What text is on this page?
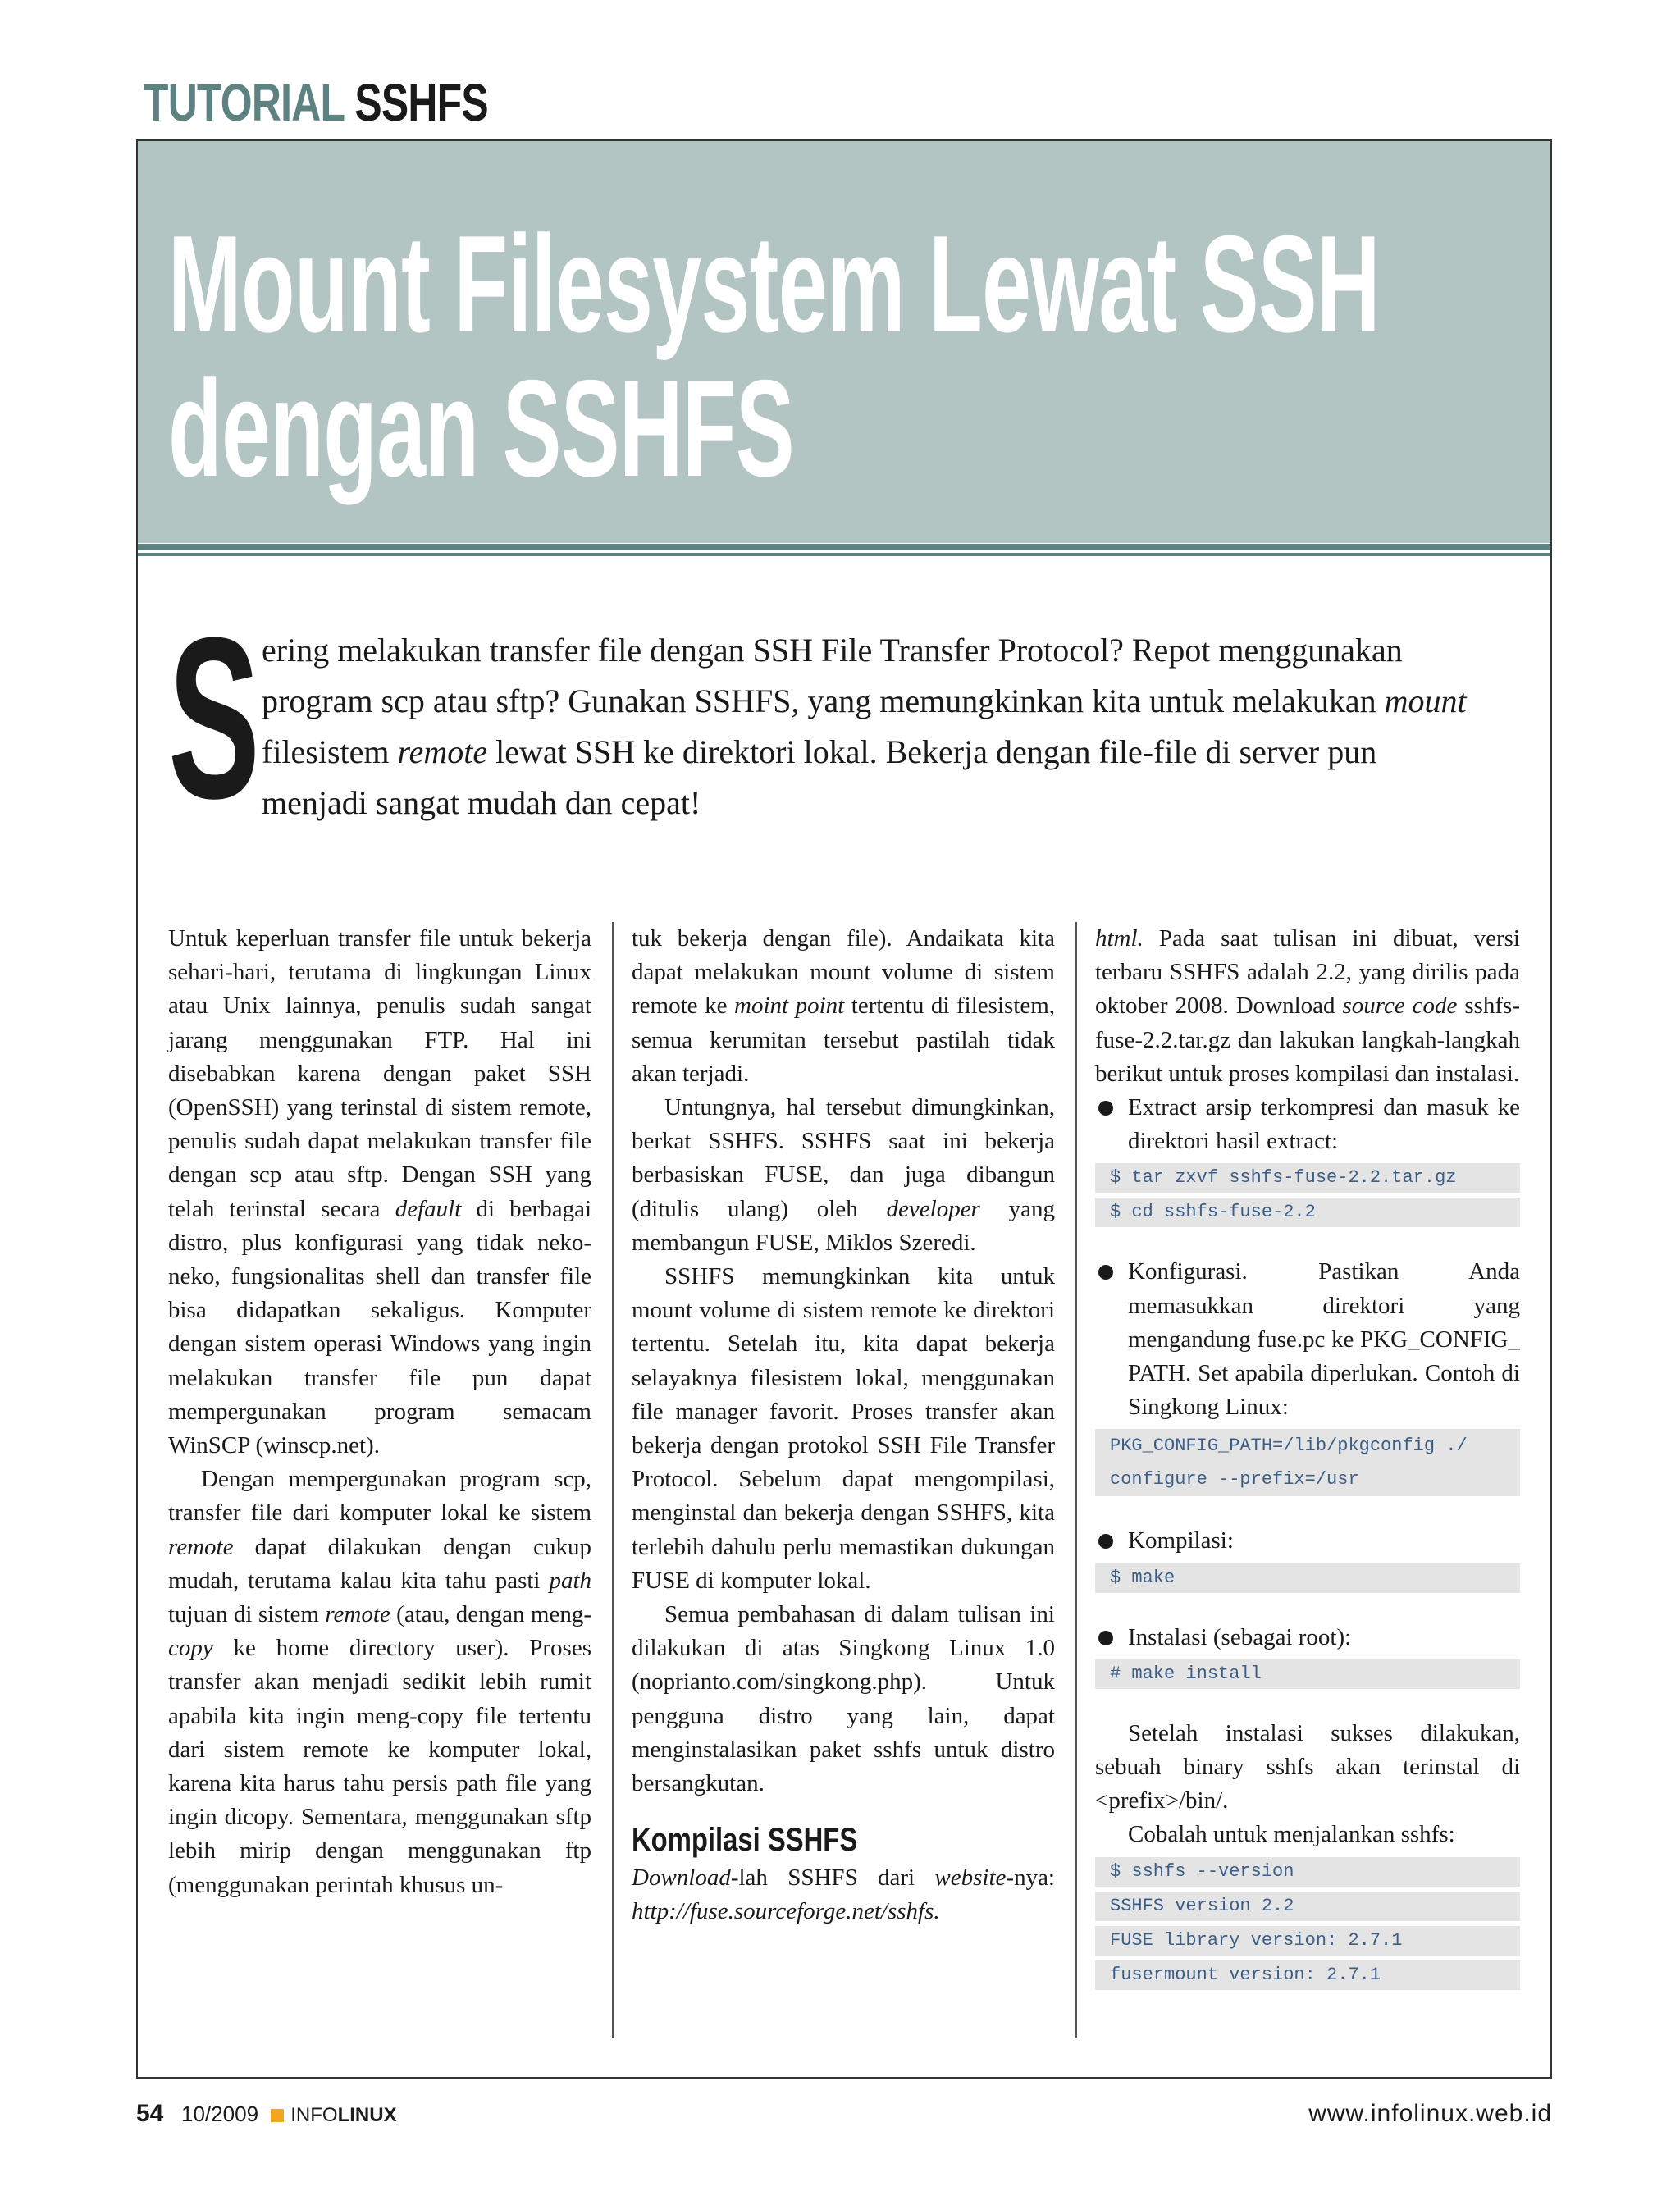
TUTORIAL SSHFS
Mount Filesystem Lewat SSH
dengan SSHFS
Sering melakukan transfer file dengan SSH File Transfer Protocol? Repot menggunakan program scp atau sftp? Gunakan SSHFS, yang memungkinkan kita untuk melakukan mount filesistem remote lewat SSH ke direktori lokal. Bekerja dengan file-file di server pun menjadi sangat mudah dan cepat!

Untuk keperluan transfer file untuk bekerja sehari-hari, terutama di lingkungan Linux atau Unix lainnya, penulis sudah sangat jarang menggunakan FTP. Hal ini disebabkan karena dengan paket SSH (OpenSSH) yang terinstal di sistem remote, penulis sudah dapat melakukan transfer file dengan scp atau sftp. Dengan SSH yang telah terinstal secara default di berbagai distro, plus konfigurasi yang tidak neko-neko, fungsionalitas shell dan transfer file bisa didapatkan sekaligus. Komputer dengan sistem operasi Windows yang ingin melakukan transfer file pun dapat mempergunakan program semacam WinSCP (winscp.net).

Dengan mempergunakan program scp, transfer file dari komputer lokal ke sistem remote dapat dilakukan dengan cukup mudah, terutama kalau kita tahu pasti path tujuan di sistem remote (atau, dengan meng-copy ke home directory user). Proses transfer akan menjadi sedikit lebih rumit apabila kita ingin meng-copy file tertentu dari sistem remote ke komputer lokal, karena kita harus tahu persis path file yang ingin dicopy. Sementara, menggunakan sftp lebih mirip dengan menggunakan ftp (menggunakan perintah khusus un-

tuk bekerja dengan file). Andaikata kita dapat melakukan mount volume di sistem remote ke moint point tertentu di filesistem, semua kerumitan tersebut pastilah tidak akan terjadi.

Untungnya, hal tersebut dimungkinkan, berkat SSHFS. SSHFS saat ini bekerja berbasiskan FUSE, dan juga dibangun (ditulis ulang) oleh developer yang membangun FUSE, Miklos Szeredi.

SSHFS memungkinkan kita untuk mount volume di sistem remote ke direktori tertentu. Setelah itu, kita dapat bekerja selayaknya filesistem lokal, menggunakan file manager favorit. Proses transfer akan bekerja dengan protokol SSH File Transfer Protocol. Sebelum dapat mengompilasi, menginstal dan bekerja dengan SSHFS, kita terlebih dahulu perlu memastikan dukungan FUSE di komputer lokal.

Semua pembahasan di dalam tulisan ini dilakukan di atas Singkong Linux 1.0 (noprianto.com/singkong.php). Untuk pengguna distro yang lain, dapat menginstalasikan paket sshfs untuk distro bersangkutan.

Kompilasi SSHFS

Download-lah SSHFS dari website-nya: http://fuse.sourceforge.net/sshfs.

html. Pada saat tulisan ini dibuat, versi terbaru SSHFS adalah 2.2, yang dirilis pada oktober 2008. Download source code sshfs-fuse-2.2.tar.gz dan lakukan langkah-langkah berikut untuk proses kompilasi dan instalasi.

Extract arsip terkompresi dan masuk ke direktori hasil extract:
$ tar zxvf sshfs-fuse-2.2.tar.gz
$ cd sshfs-fuse-2.2
Konfigurasi. Pastikan Anda memasukkan direktori yang mengandung fuse.pc ke PKG_CONFIG_ PATH. Set apabila diperlukan. Contoh di Singkong Linux:
PKG_CONFIG_PATH=/lib/pkgconfig ./ configure --prefix=/usr
Kompilasi:
$ make
Instalasi (sebagai root):
# make install

Setelah instalasi sukses dilakukan, sebuah binary sshfs akan terinstal di <prefix>/bin/.

Cobalah untuk menjalankan sshfs:

$ sshfs --version
SSHFS version 2.2
FUSE library version: 2.7.1
fusermount version: 2.7.1
54 10/2009 INFOLINUX	www.infolinux.web.id
